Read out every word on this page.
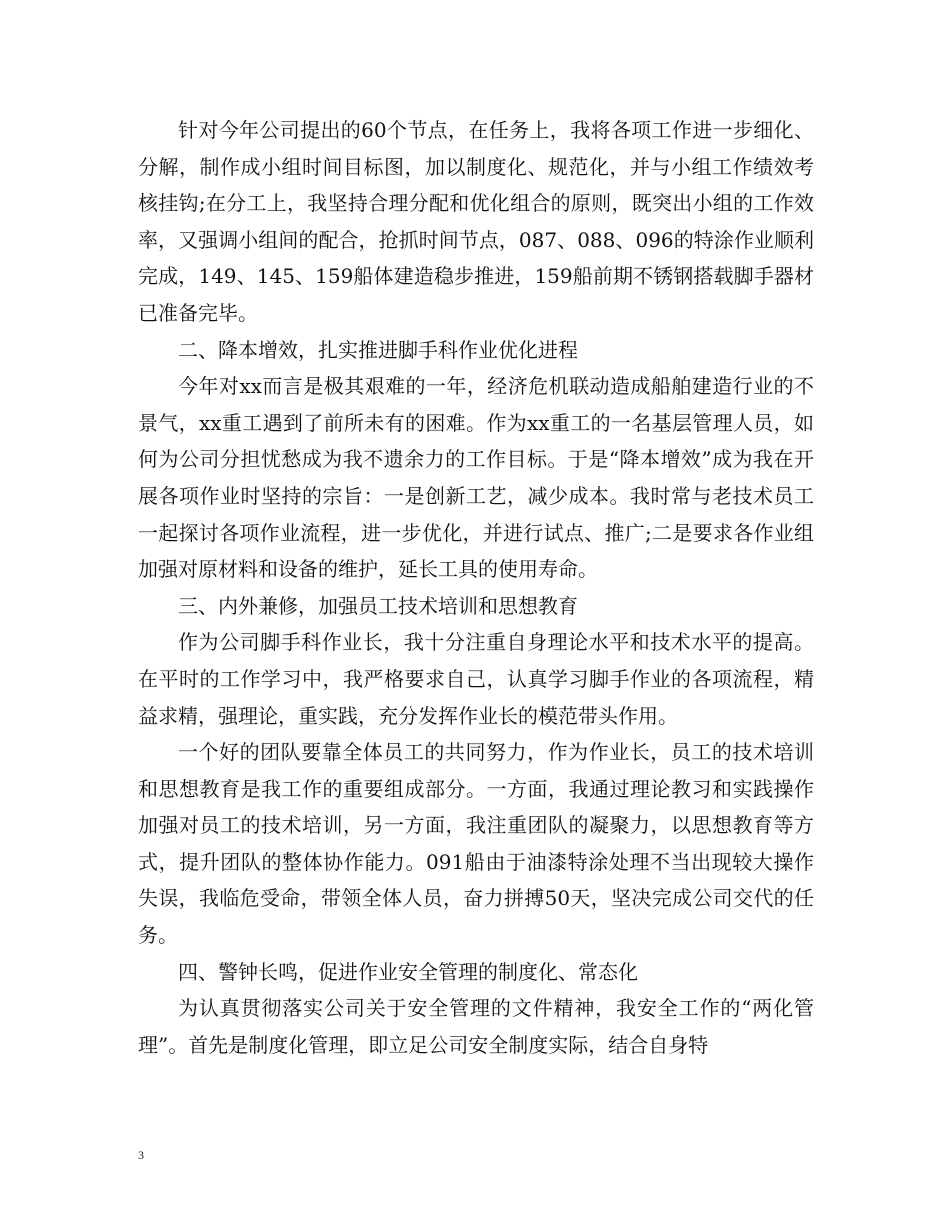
针对今年公司提出的60个节点，在任务上，我将各项工作进一步细化、分解，制作成小组时间目标图，加以制度化、规范化，并与小组工作绩效考核挂钩;在分工上，我坚持合理分配和优化组合的原则，既突出小组的工作效率，又强调小组间的配合，抢抓时间节点，087、088、096的特涂作业顺利完成，149、145、159船体建造稳步推进，159船前期不锈钢搭载脚手器材已准备完毕。

二、降本增效，扎实推进脚手科作业优化进程

今年对xx而言是极其艰难的一年，经济危机联动造成船舶建造行业的不景气，xx重工遇到了前所未有的困难。作为xx重工的一名基层管理人员，如何为公司分担忧愁成为我不遗余力的工作目标。于是“降本增效”成为我在开展各项作业时坚持的宗旨：一是创新工艺，减少成本。我时常与老技术员工一起探讨各项作业流程，进一步优化，并进行试点、推广;二是要求各作业组加强对原材料和设备的维护，延长工具的使用寿命。

三、内外兼修，加强员工技术培训和思想教育

作为公司脚手科作业长，我十分注重自身理论水平和技术水平的提高。在平时的工作学习中，我严格要求自己，认真学习脚手作业的各项流程，精益求精，强理论，重实践，充分发挥作业长的模范带头作用。

一个好的团队要靠全体员工的共同努力，作为作业长，员工的技术培训和思想教育是我工作的重要组成部分。一方面，我通过理论教习和实践操作加强对员工的技术培训，另一方面，我注重团队的凝聚力，以思想教育等方式，提升团队的整体协作能力。091船由于油漆特涂处理不当出现较大操作失误，我临危受命，带领全体人员，奋力拼搏50天，坚决完成公司交代的任务。

四、警钟长鸣，促进作业安全管理的制度化、常态化

为认真贯彻落实公司关于安全管理的文件精神，我安全工作的“两化管理”。首先是制度化管理，即立足公司安全制度实际，结合自身特

3
